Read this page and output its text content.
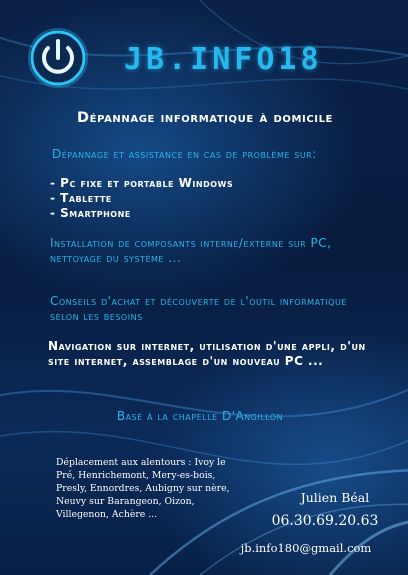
JB.INFO18
Dépannage informatique à domicile
Dépannage et assistance en cas de problème sur:
- Pc fixe et portable Windows
- Tablette
- Smartphone
Installation de composants interne/externe sur PC, nettoyage du système ...
Conseils d'achat et découverte de l'outil informatique selon les besoins
Navigation sur internet, utilisation d'une appli, d'un site internet, assemblage d'un nouveau PC ...
Basé à la chapelle D'Angillon
Déplacement aux alentours : Ivoy le Pré, Henrichemont, Mery-es-bois, Presly, Ennordres, Aubigny sur nère, Neuvy sur Barangeon, Oizon, Villegenon, Achère ...
Julien Béal
06.30.69.20.63
jb.info180@gmail.com
